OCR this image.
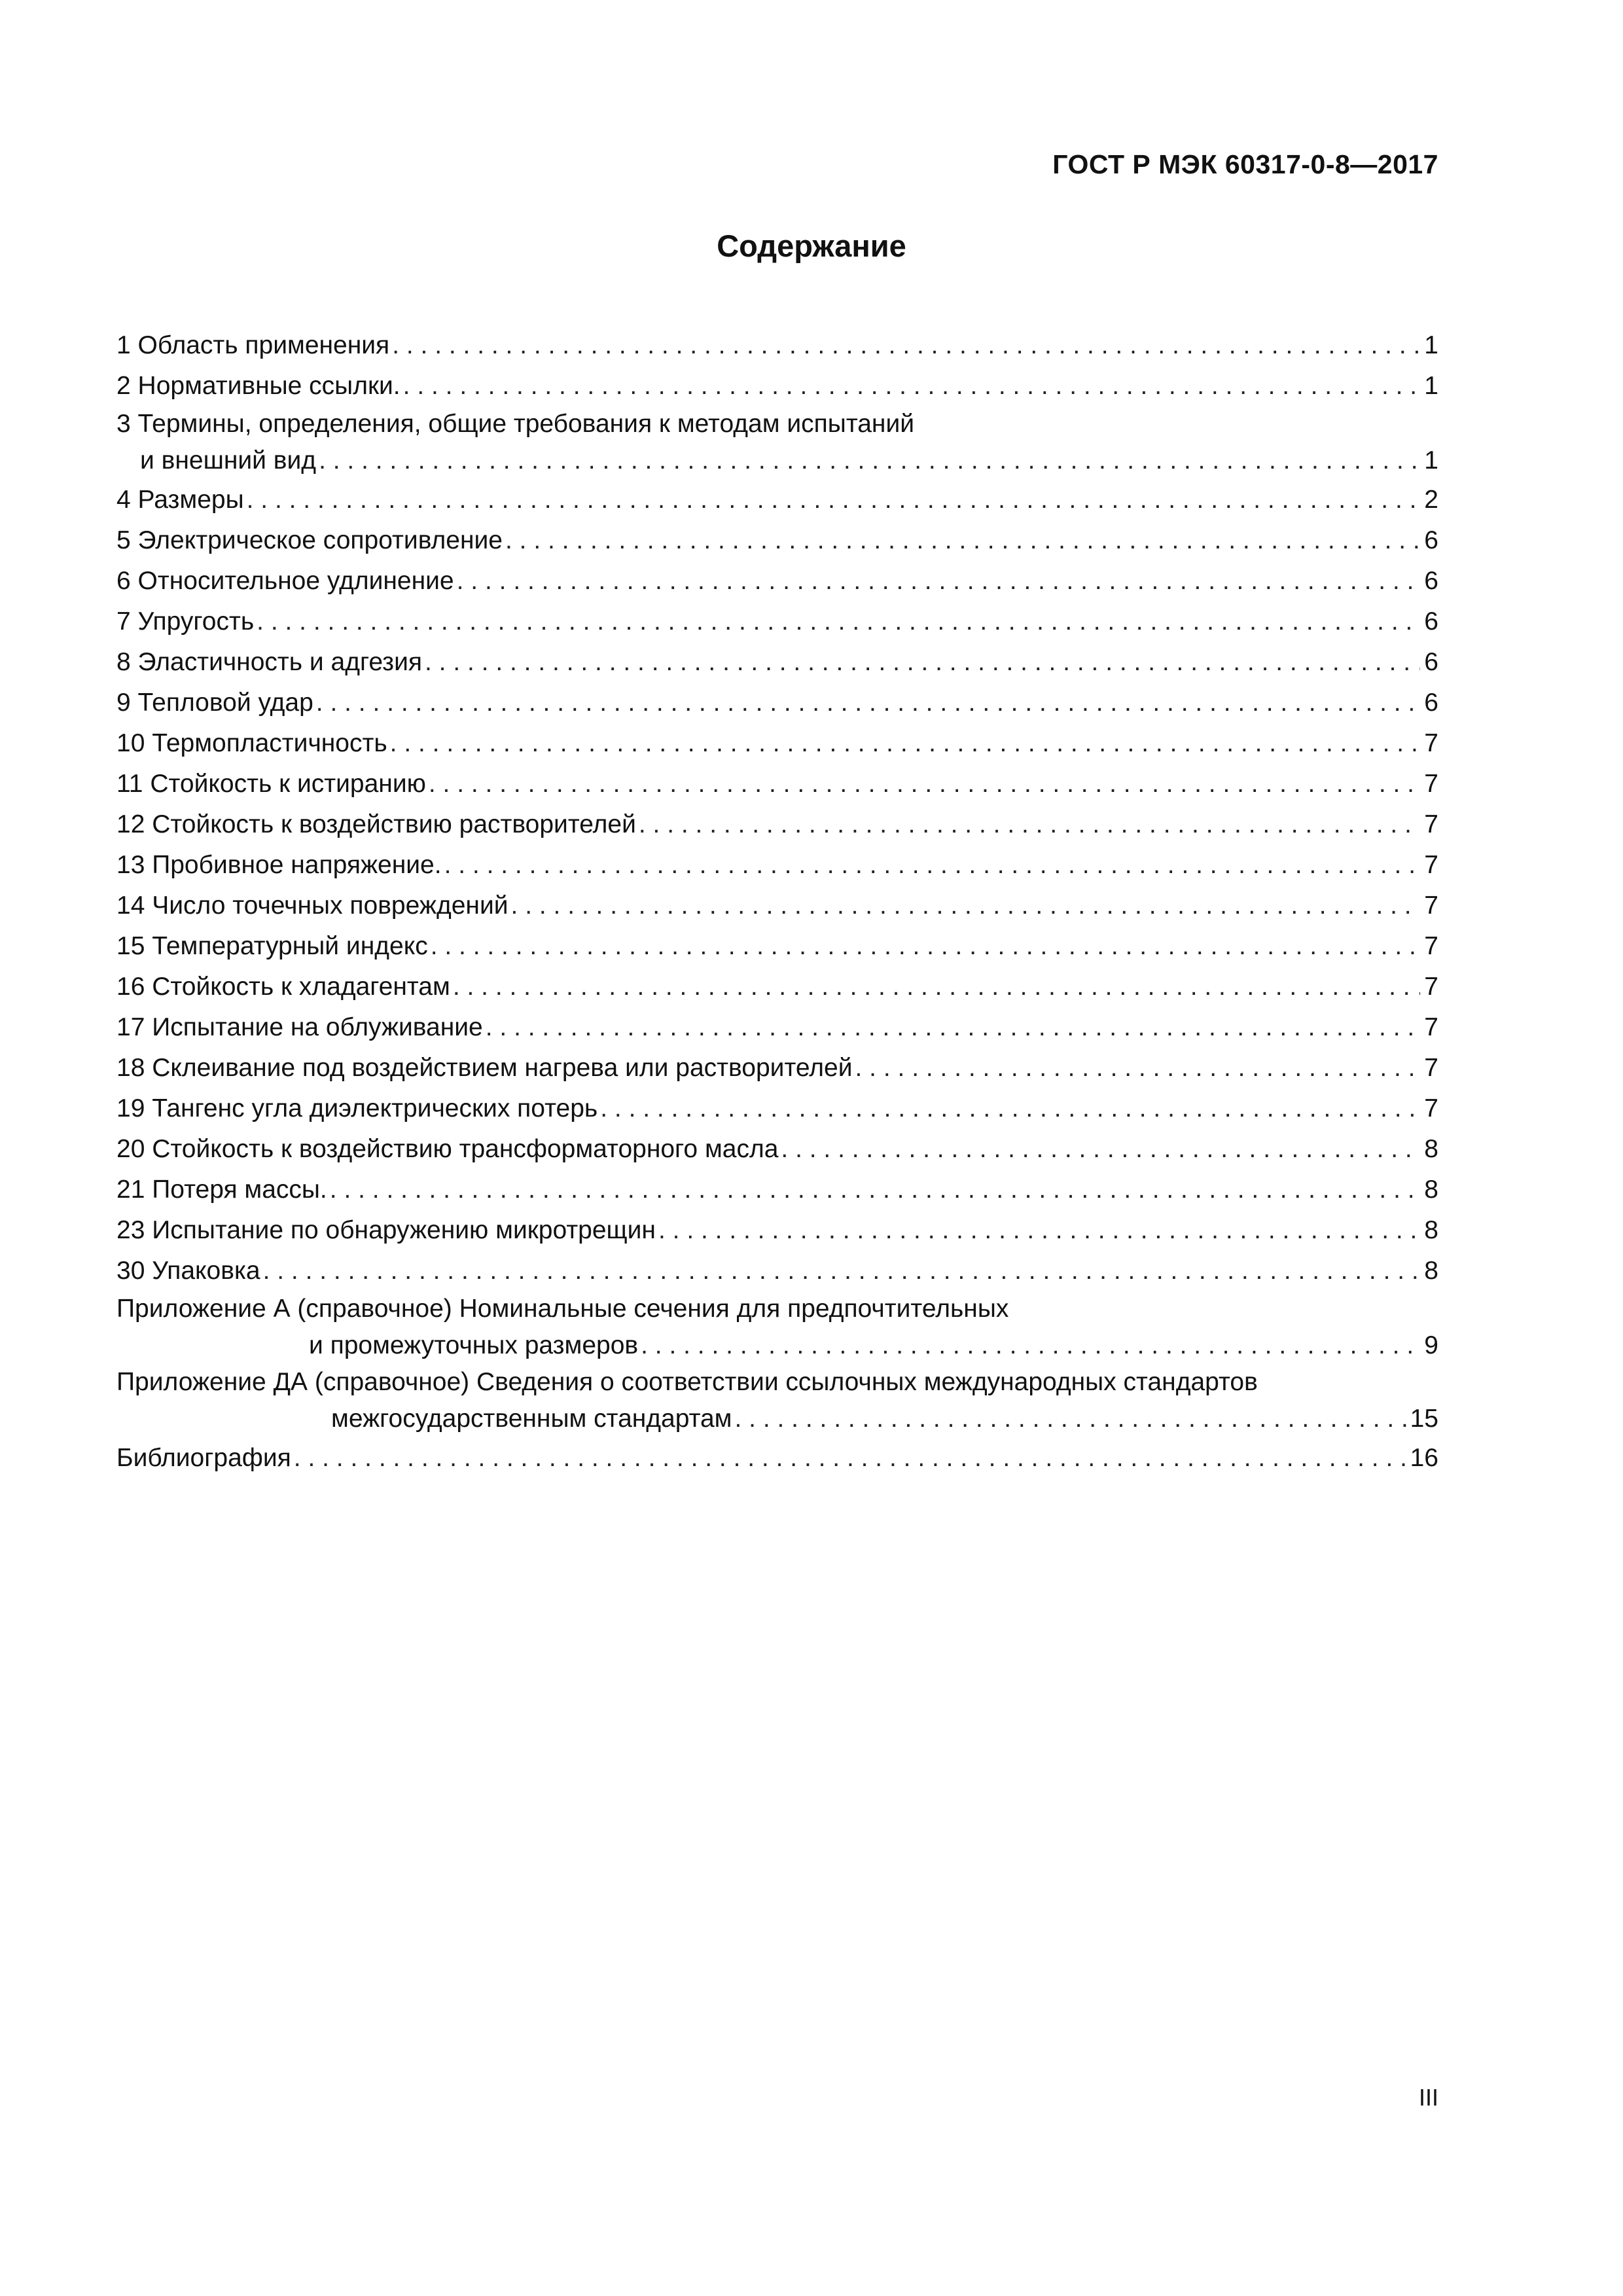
ГОСТ Р МЭК 60317-0-8—2017
Содержание
1 Область применения . . .	1
2 Нормативные ссылки. . . .	1
3 Термины, определения, общие требования к методам испытаний
и внешний вид . . .	1
4 Размеры . . .	2
5 Электрическое сопротивление . . .	6
6 Относительное удлинение . . .	6
7 Упругость . . .	6
8 Эластичность и адгезия . . .	6
9 Тепловой удар . . .	6
10 Термопластичность . . .	7
11 Стойкость к истиранию . . .	7
12 Стойкость к воздействию растворителей . . .	7
13 Пробивное напряжение. . . .	7
14 Число точечных повреждений . . .	7
15 Температурный индекс . . .	7
16 Стойкость к хладагентам . . .	7
17 Испытание на облуживание . . .	7
18 Склеивание под воздействием нагрева или растворителей . . .	7
19 Тангенс угла диэлектрических потерь . . .	7
20 Стойкость к воздействию трансформаторного масла . . .	8
21 Потеря массы. . . .	8
23 Испытание по обнаружению микротрещин . . .	8
30 Упаковка . . .	8
Приложение А (справочное) Номинальные сечения для предпочтительных
и промежуточных размеров . . .	9
Приложение ДА (справочное) Сведения о соответствии ссылочных международных стандартов
межгосударственным стандартам . . .	15
Библиография . . .	16
III
